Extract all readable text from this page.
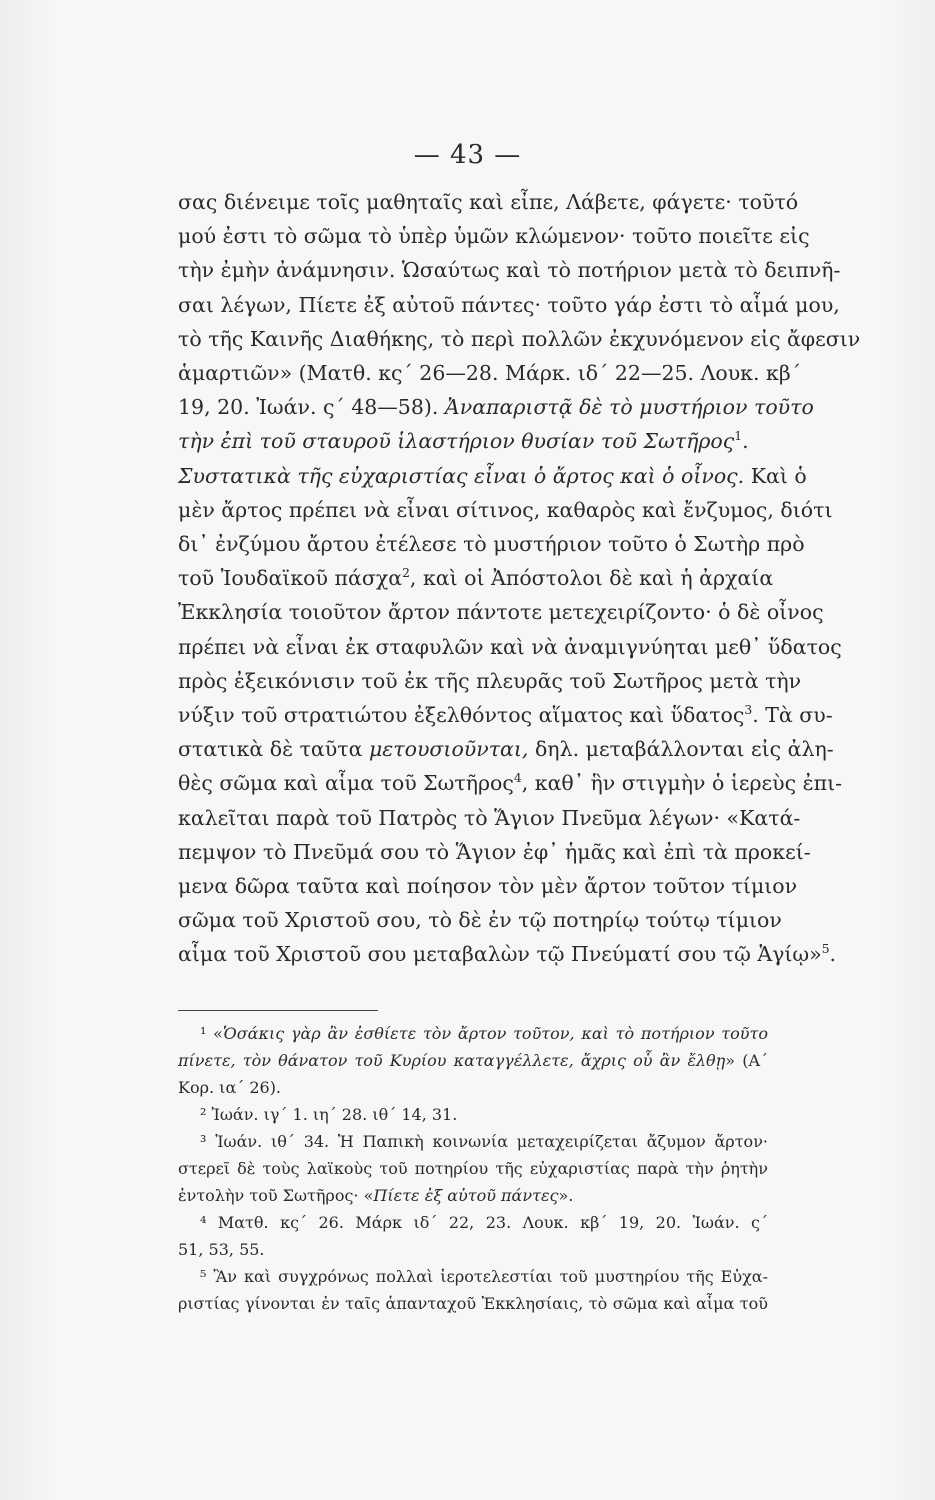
— 43 —
σας διένειμε τοῖς μαθηταῖς καὶ εἶπε, Λάβετε, φάγετε· τοῦτό
μού ἐστι τὸ σῶμα τὸ ὑπὲρ ὑμῶν κλώμενον· τοῦτο ποιεῖτε εἰς
τὴν ἐμὴν ἀνάμνησιν. Ὡσαύτως καὶ τὸ ποτήριον μετὰ τὸ δειπνῆ-
σαι λέγων, Πίετε ἐξ αὐτοῦ πάντες· τοῦτο γάρ ἐστι τὸ αἷμά μου,
τὸ τῆς Καινῆς Διαθήκης, τὸ περὶ πολλῶν ἐκχυνόμενον εἰς ἄφεσιν
ἁμαρτιῶν» (Ματθ. κς΄ 26—28. Μάρκ. ιδ΄ 22—25. Λουκ. κβ΄
19, 20. Ἰωάν. ς΄ 48—58). Ἀναπαριστᾷ δὲ τὸ μυστήριον τοῦτο
τὴν ἐπὶ τοῦ σταυροῦ ἱλαστήριον θυσίαν τοῦ Σωτῆρος$^1$.
Συστατικὰ τῆς εὐχαριστίας εἶναι ὁ ἄρτος καὶ ὁ οἶνος. Καὶ ὁ
μὲν ἄρτος πρέπει νὰ εἶναι σίτινος, καθαρὸς καὶ ἔνζυμος, διότι
δι᾽ ἐνζύμου ἄρτου ἐτέλεσε τὸ μυστήριον τοῦτο ὁ Σωτὴρ πρὸ
τοῦ Ἰουδαϊκοῦ πάσχα$^2$, καὶ οἱ Ἀπόστολοι δὲ καὶ ἡ ἀρχαία
Ἐκκλησία τοιοῦτον ἄρτον πάντοτε μετεχειρίζοντο· ὁ δὲ οἶνος
πρέπει νὰ εἶναι ἐκ σταφυλῶν καὶ νὰ ἀναμιγνύηται μεθ᾽ ὕδατος
πρὸς ἐξεικόνισιν τοῦ ἐκ τῆς πλευρᾶς τοῦ Σωτῆρος μετὰ τὴν
νύξιν τοῦ στρατιώτου ἐξελθόντος αἵματος καὶ ὕδατος$^3$. Τὰ συ-
στατικὰ δὲ ταῦτα μετουσιοῦνται, δηλ. μεταβάλλονται εἰς ἀλη-
θὲς σῶμα καὶ αἷμα τοῦ Σωτῆρος$^4$, καθ᾽ ἣν στιγμὴν ὁ ἱερεὺς ἐπι-
καλεῖται παρὰ τοῦ Πατρὸς τὸ Ἅγιον Πνεῦμα λέγων· «Κατά-
πεμψον τὸ Πνεῦμά σου τὸ Ἅγιον ἐφ᾽ ἡμᾶς καὶ ἐπὶ τὰ προκεί-
μενα δῶρα ταῦτα καὶ ποίησον τὸν μὲν ἄρτον τοῦτον τίμιον
σῶμα τοῦ Χριστοῦ σου, τὸ δὲ ἐν τῷ ποτηρίῳ τούτῳ τίμιον
αἷμα τοῦ Χριστοῦ σου μεταβαλὼν τῷ Πνεύματί σου τῷ Ἁγίῳ»$^5$.
¹ «Ὁσάκις γὰρ ἂν ἐσθίετε τὸν ἄρτον τοῦτον, καὶ τὸ ποτήριον τοῦτο
πίνετε, τὸν θάνατον τοῦ Κυρίου καταγγέλλετε, ἄχρις οὗ ἂν ἔλθῃ» (Α΄
Κορ. ια΄ 26).
² Ἰωάν. ιγ΄ 1. ιη΄ 28. ιθ΄ 14, 31.
³ Ἰωάν. ιθ΄ 34. Ἡ Παπικὴ κοινωνία μεταχειρίζεται ἄζυμον ἄρτον·
στερεῖ δὲ τοὺς λαϊκοὺς τοῦ ποτηρίου τῆς εὐχαριστίας παρὰ τὴν ῥητὴν
ἐντολὴν τοῦ Σωτῆρος· «Πίετε ἐξ αὐτοῦ πάντες».
⁴ Ματθ. κς΄ 26. Μάρκ ιδ΄ 22, 23. Λουκ. κβ΄ 19, 20. Ἰωάν. ς΄
51, 53, 55.
⁵ Ἂν καὶ συγχρόνως πολλαὶ ἱεροτελεστίαι τοῦ μυστηρίου τῆς Εὐχα-
ριστίας γίνονται ἐν ταῖς ἁπανταχοῦ Ἐκκλησίαις, τὸ σῶμα καὶ αἷμα τοῦ
